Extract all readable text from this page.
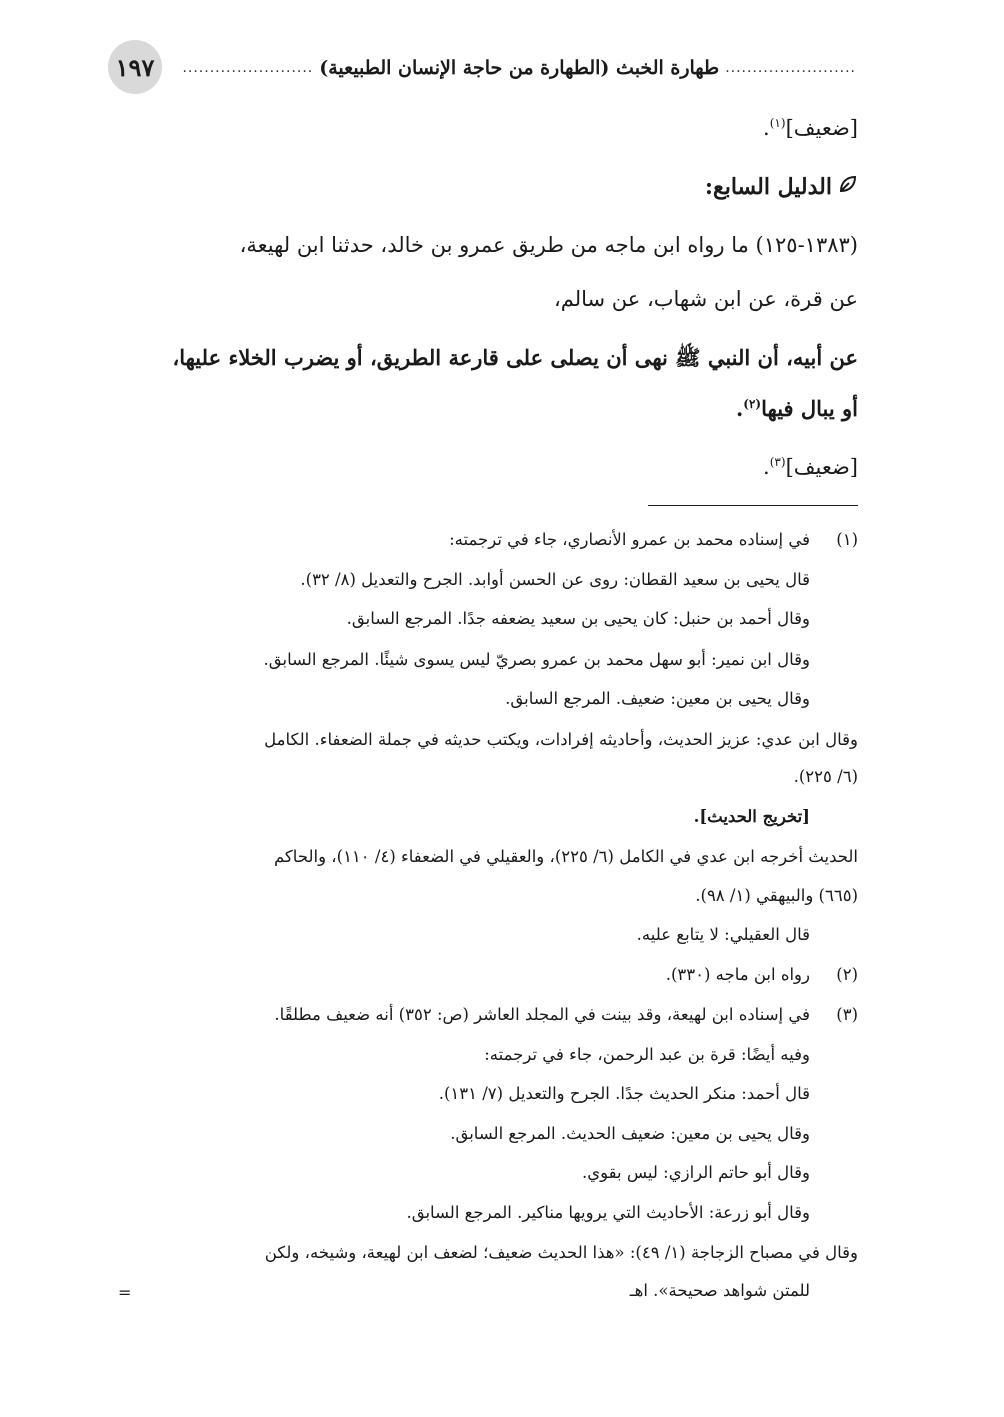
١٩٧	........................
طهارة الخبث (الطهارة من حاجة الإنسان الطبيعية)
........................
[ضعيف]$^{(١)}$.
الدليل السابع:
(١٣٨٣-١٢٥) ما رواه ابن ماجه من طريق عمرو بن خالد، حدثنا ابن لهيعة،
عن قرة، عن ابن شهاب، عن سالم،
عن أبيه، أن النبي ﷺ نهى أن يصلى على قارعة الطريق، أو يضرب الخلاء عليها،
أو يبال فيها$^{(٢)}$.
[ضعيف]$^{(٣)}$.
(١)
في إسناده محمد بن عمرو الأنصاري، جاء في ترجمته:
قال يحيى بن سعيد القطان: روى عن الحسن أوابد. الجرح والتعديل (٨/ ٣٢).
وقال أحمد بن حنبل: كان يحيى بن سعيد يضعفه جدًا. المرجع السابق.
وقال ابن نمير: أبو سهل محمد بن عمرو بصريّ ليس يسوى شيئًا. المرجع السابق.
وقال يحيى بن معين: ضعيف. المرجع السابق.
وقال ابن عدي: عزيز الحديث، وأحاديثه إفرادات، ويكتب حديثه في جملة الضعفاء. الكامل
(٦/ ٢٢٥).
[تخريج الحديث].
الحديث أخرجه ابن عدي في الكامل (٦/ ٢٢٥)، والعقيلي في الضعفاء (٤/ ١١٠)، والحاكم
(٦٦٥) والبيهقي (١/ ٩٨).
قال العقيلي: لا يتابع عليه.
(٢)
رواه ابن ماجه (٣٣٠).
(٣)
في إسناده ابن لهيعة، وقد بينت في المجلد العاشر (ص: ٣٥٢) أنه ضعيف مطلقًا.
وفيه أيضًا: قرة بن عبد الرحمن، جاء في ترجمته:
قال أحمد: منكر الحديث جدًا. الجرح والتعديل (٧/ ١٣١).
وقال يحيى بن معين: ضعيف الحديث. المرجع السابق.
وقال أبو حاتم الرازي: ليس بقوي.
وقال أبو زرعة: الأحاديث التي يرويها مناكير. المرجع السابق.
وقال في مصباح الزجاجة (١/ ٤٩): «هذا الحديث ضعيف؛ لضعف ابن لهيعة، وشيخه، ولكن
للمتن شواهد صحيحة». اهـ
=
